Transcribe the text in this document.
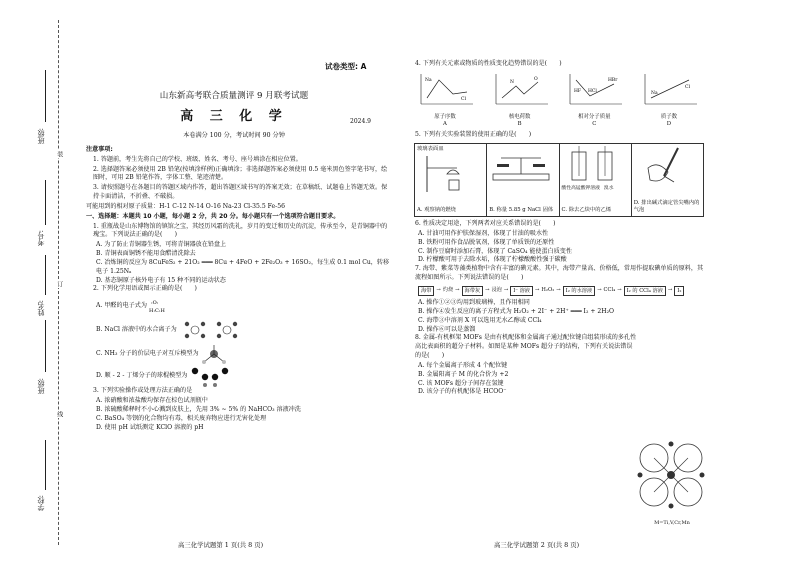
学校:
班级:
姓名:
考号:
班级:
装
订
线
试卷类型: A
山东新高考联合质量测评 9 月联考试题
高 三 化 学	2024.9
本卷满分 100 分，考试时间 90 分钟
注意事项:
1. 答题前，考生先将自己的学校、班级、姓名、考号、座号填涂在相应位置。
2. 选择题答案必须使用 2B 铅笔(按填涂样例)正确填涂；非选择题答案必须使用 0.5 毫米黑色签字笔书写，绘图时，可用 2B 铅笔作答，字体工整、笔迹清楚。
3. 请按照题号在各题目的答题区域内作答，超出答题区域书写的答案无效；在草稿纸、试题卷上答题无效。保持卡面清洁，不折叠、不破损。
可能用到的相对原子质量：H-1 C-12 N-14 O-16 Na-23 Cl-35.5 Fe-56
一、选择题：本题共 10 小题，每小题 2 分，共 20 分。每小题只有一个选项符合题目要求。
1. 重瓶战是山东博物馆的镇馆之宝，其经历风霜的洗礼，岁月的变迁和历史的沉淀，传承至今，是青铜器中的瑰宝。下列说法正确的是(　　)
A. 为了防止青铜器生锈，可将青铜器放在铅盘上
B. 青铜表面铜锈不能用食醋清洗除去
C. 冶炼铜的反应为 8CuFeS₂ + 21O₂ ═══ 8Cu + 4FeO + 2Fe₂O₃ + 16SO₂，每生成 0.1 mol Cu，转移电子 1.25Nₐ
D. 基态铜原子核外电子有 15 种不同的运动状态
2. 下列化学用语或图示正确的是(　　)
A. 甲醛的电子式为 :O:
H:C:H
B. NaCl 溶液中的水合离子为
C. NH₃ 分子的价层电子对互斥模型为
D. 顺 - 2 - 丁烯分子的球棍模型为
3. 下列实验操作或处理方法正确的是
A. 浓硝酸和浓盐酸均保存在棕色试剂瓶中
B. 浓硫酸稀释时不小心溅到皮肤上，先用 3% ~ 5% 的 NaHCO₃ 溶液冲洗
C. BaSO₄ 等钡的化合物均有毒，相关废弃物应进行无害化处理
D. 使用 pH 试纸测定 KClO 溶液的 pH
4. 下列有关元素或物质的性质变化趋势错误的是(　　)
Na
Cl
原子序数
A
N
O
核电荷数
B
HF HCl
HBr
相对分子质量
C
Na
Cl
质子数
D
5. 下列有关实验装置的使用正确的是(　　)
玻璃表面皿
A. 观察钠的燃烧	B. 称量 5.85 g NaCl 固体
酸性高锰酸钾溶液 溴水
C. 除去乙炔中的乙烯
D. 排出碱式滴定管尖嘴内的气泡
6. 性质决定用途，下列两者对应关系错误的是(　　)
A. 甘油可用作护肤保湿剂，体现了甘油的吸水性
B. 铁粉可用作食品脱氧剂，体现了单质铁的还原性
C. 制作豆腐时添加石膏，体现了 CaSO₄ 能使蛋白质变性
D. 柠檬酸可用于去除水垢，体现了柠檬酸酸性强于碳酸
7. 海带、紫菜等藻类植物中含有丰富的碘元素。其中，海带产量高、价格低，常用作提取碘单质的原料，其流程如图所示。下列说法错误的是(　　)
海带 → 灼烧 → 海带灰 → 浸泡 → I⁻ 溶液 → H₂O₂ → I₂ 的水溶液 → CCl₄ → I₂ 的 CCl₄ 溶液 → I₂
A. 操作①②③均用到玻璃棒，且作用相同
B. 操作④发生反应的离子方程式为 H₂O₂ + 2I⁻ + 2H⁺ ═══ I₂ + 2H₂O
C. 海带③中溶剂 X 可以选用无水乙醇或 CCl₄
D. 操作⑥可以是蒸馏
8. 金属-有机框架 MOFs 是由有机配体和金属离子通过配位键自组装形成的多孔性高比表面积的超分子材料。如图是某种 MOFs 超分子的结构，下列有关说法错误的是(　　)
A. 每个金属离子形成 4 个配位键
B. 金属阳离子 M 的化合价为 +2
C. 该 MOFs 超分子间存在氢键
D. 该分子的有机配体是 HCOO⁻
M=Ti,V,Cr,Mn
高三化学试题第 1 页(共 8 页)	高三化学试题第 2 页(共 8 页)
